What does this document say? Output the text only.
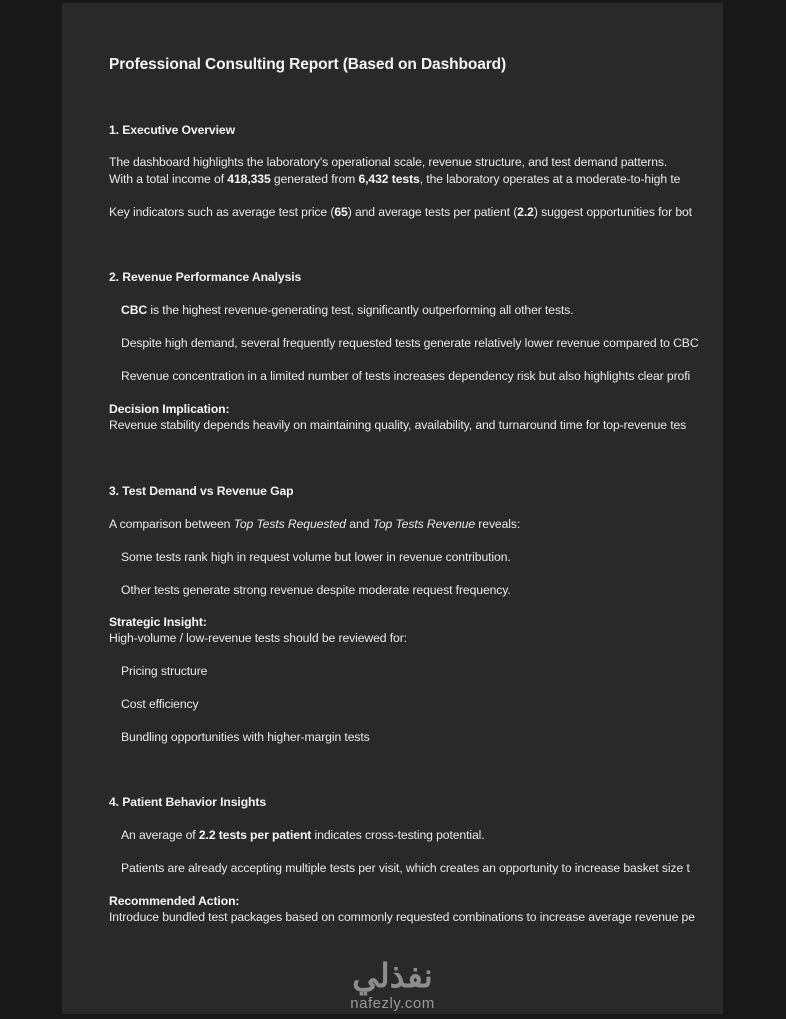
Professional Consulting Report (Based on Dashboard)
1. Executive Overview
The dashboard highlights the laboratory's operational scale, revenue structure, and test demand patterns.
With a total income of 418,335 generated from 6,432 tests, the laboratory operates at a moderate-to-high te
Key indicators such as average test price (65) and average tests per patient (2.2) suggest opportunities for bot
2. Revenue Performance Analysis
CBC is the highest revenue-generating test, significantly outperforming all other tests.
Despite high demand, several frequently requested tests generate relatively lower revenue compared to CBC
Revenue concentration in a limited number of tests increases dependency risk but also highlights clear profi
Decision Implication:
Revenue stability depends heavily on maintaining quality, availability, and turnaround time for top-revenue tes
3. Test Demand vs Revenue Gap
A comparison between Top Tests Requested and Top Tests Revenue reveals:
Some tests rank high in request volume but lower in revenue contribution.
Other tests generate strong revenue despite moderate request frequency.
Strategic Insight:
High-volume / low-revenue tests should be reviewed for:
Pricing structure
Cost efficiency
Bundling opportunities with higher-margin tests
4. Patient Behavior Insights
An average of 2.2 tests per patient indicates cross-testing potential.
Patients are already accepting multiple tests per visit, which creates an opportunity to increase basket size t
Recommended Action:
Introduce bundled test packages based on commonly requested combinations to increase average revenue pe
نفذلي
nafezly.com
